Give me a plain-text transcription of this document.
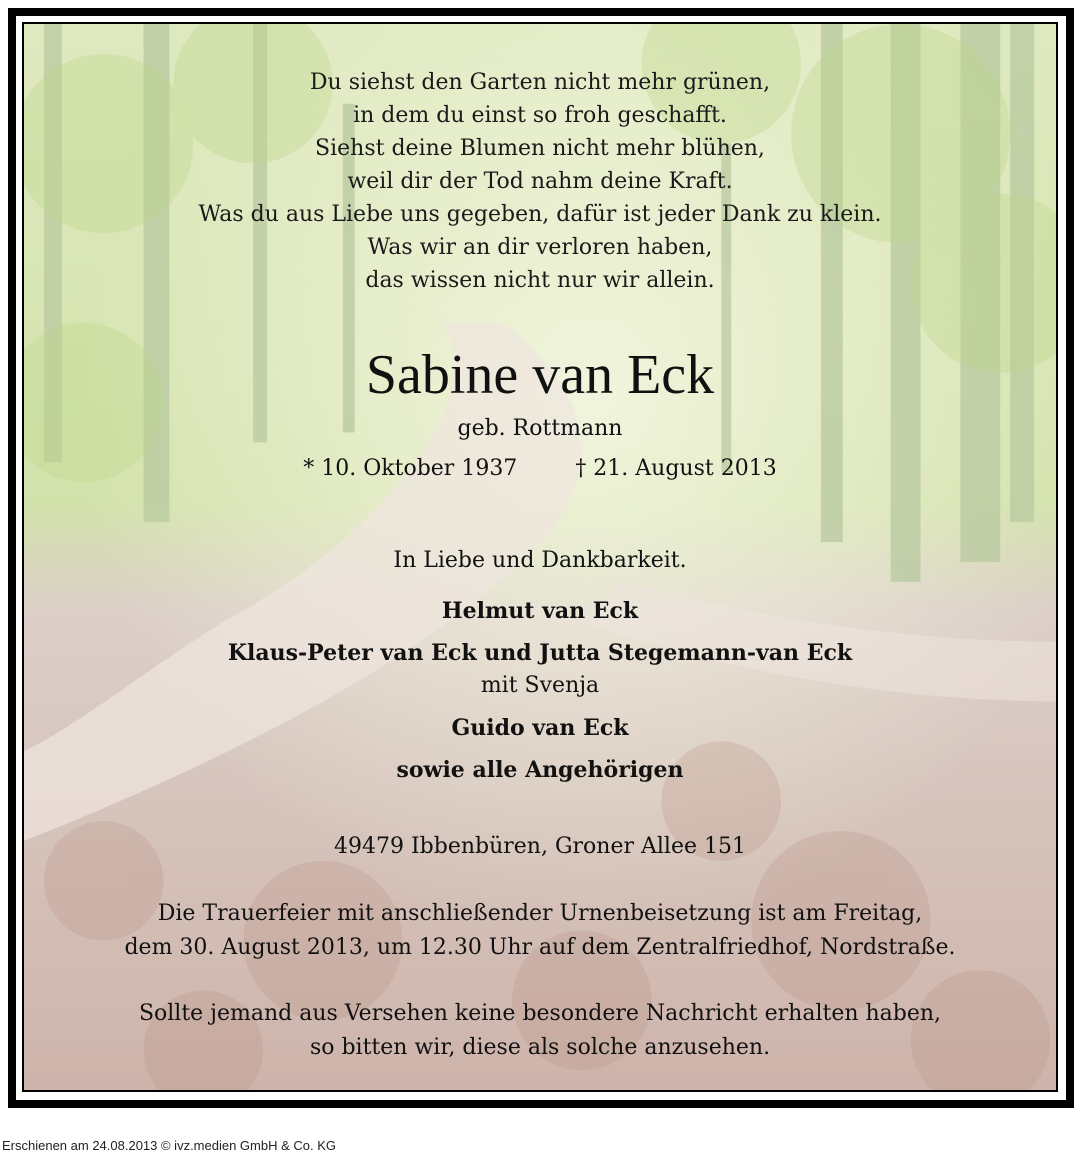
Du siehst den Garten nicht mehr grünen,
in dem du einst so froh geschafft.
Siehst deine Blumen nicht mehr blühen,
weil dir der Tod nahm deine Kraft.
Was du aus Liebe uns gegeben, dafür ist jeder Dank zu klein.
Was wir an dir verloren haben,
das wissen nicht nur wir allein.
Sabine van Eck
geb. Rottmann
* 10. Oktober 1937	† 21. August 2013
In Liebe und Dankbarkeit.
Helmut van Eck
Klaus-Peter van Eck und Jutta Stegemann-van Eck
mit Svenja
Guido van Eck
sowie alle Angehörigen
49479 Ibbenbüren, Groner Allee 151
Die Trauerfeier mit anschließender Urnenbeisetzung ist am Freitag,
dem 30. August 2013, um 12.30 Uhr auf dem Zentralfriedhof, Nordstraße.
Sollte jemand aus Versehen keine besondere Nachricht erhalten haben,
so bitten wir, diese als solche anzusehen.
Erschienen am 24.08.2013 © ivz.medien GmbH & Co. KG
